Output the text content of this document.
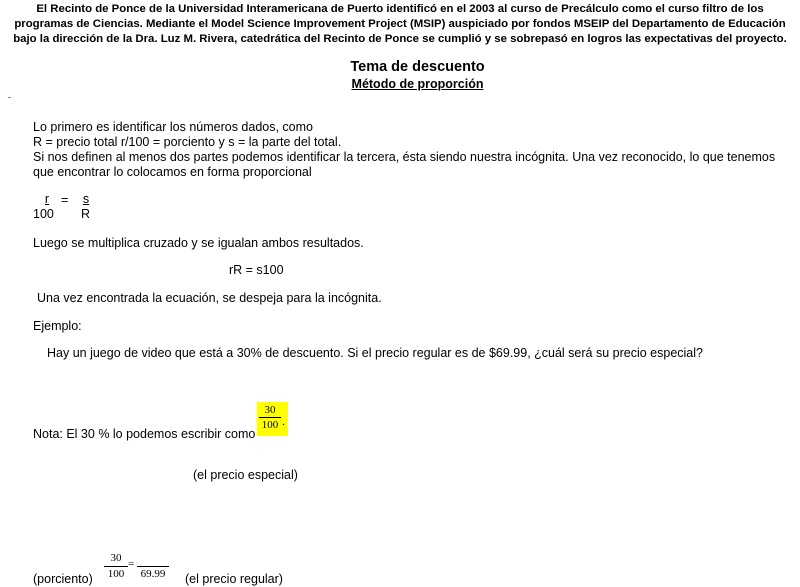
El Recinto de Ponce de la Universidad Interamericana de Puerto identificó en el 2003 al curso de Precálculo como el curso filtro de los
programas de Ciencias. Mediante el Model Science Improvement Project (MSIP) auspiciado por fondos MSEIP del Departamento de Educación
bajo la dirección de la Dra. Luz M. Rivera, catedrática del Recinto de Ponce se cumplió y se sobrepasó en logros las expectativas del proyecto.
Tema de descuento
Método de proporción
Lo primero es identificar los números dados, como
R = precio total r/100 = porciento y s = la parte del total.
Si nos definen al menos dos partes podemos identificar la tercera, ésta siendo nuestra incógnita. Una vez reconocido, lo que tenemos
que encontrar lo colocamos en forma proporcional
r
100
=	s
R
Luego se multiplica cruzado y se igualan ambos resultados.
rR = s100
Una vez encontrada la ecuación, se despeja para la incógnita.
Ejemplo:
Hay un juego de video que está a 30% de descuento. Si el precio regular es de $69.99, ¿cuál será su precio especial?
Nota: El 30 % lo podemos escribir como
$\frac{30}{100}$ .
(el precio especial)
(porciento) $\frac{30}{100}$ =
69.99 (el precio regular)
